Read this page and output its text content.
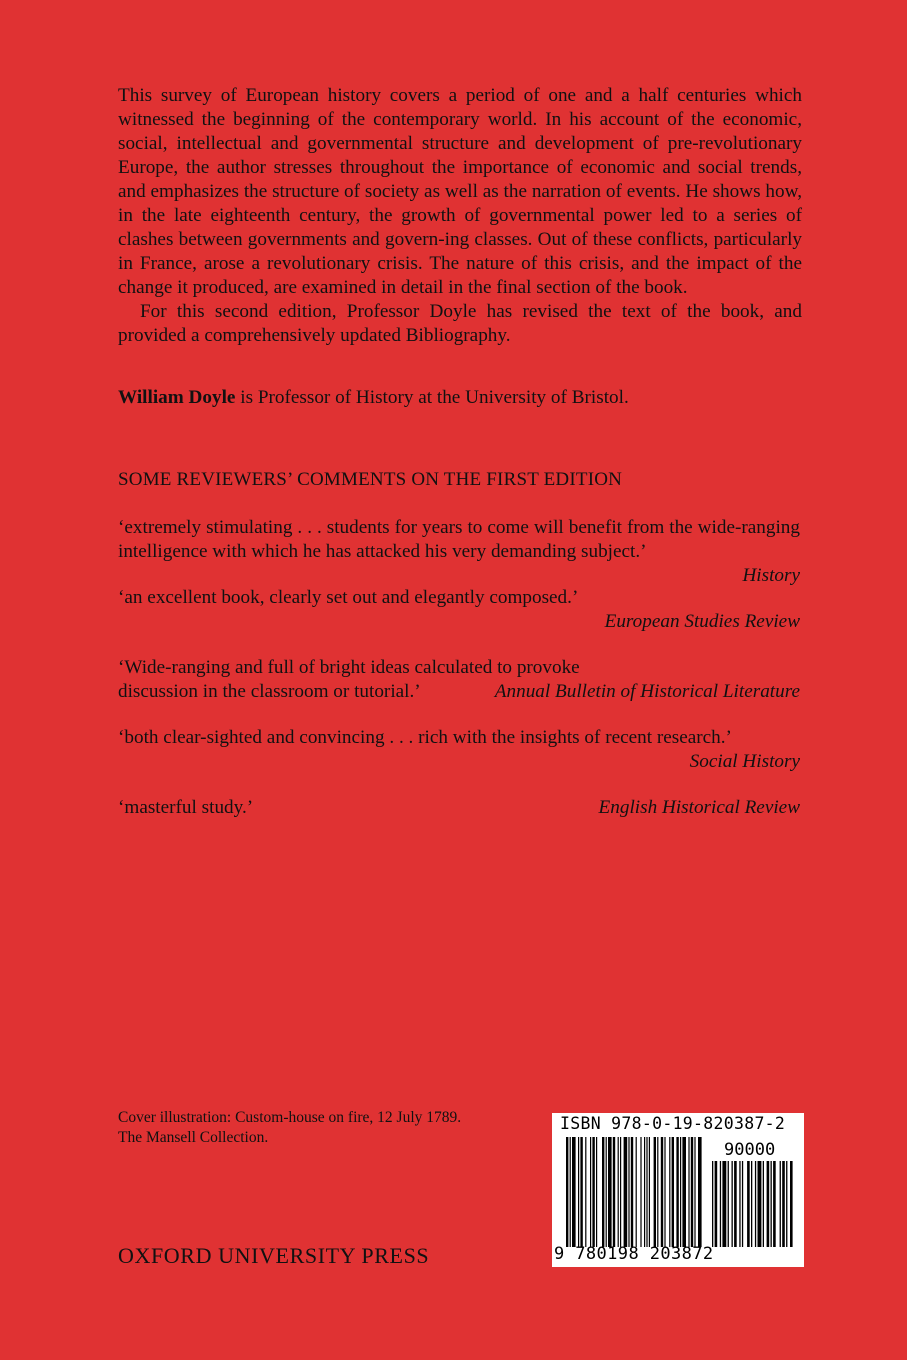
This survey of European history covers a period of one and a half centuries which witnessed the beginning of the contemporary world. In his account of the economic, social, intellectual and governmental structure and development of pre-revolutionary Europe, the author stresses throughout the importance of economic and social trends, and emphasizes the structure of society as well as the narration of events. He shows how, in the late eighteenth century, the growth of governmental power led to a series of clashes between governments and govern-ing classes. Out of these conflicts, particularly in France, arose a revolutionary crisis. The nature of this crisis, and the impact of the change it produced, are examined in detail in the final section of the book.

For this second edition, Professor Doyle has revised the text of the book, and provided a comprehensively updated Bibliography.

William Doyle is Professor of History at the University of Bristol.
SOME REVIEWERS’ COMMENTS ON THE FIRST EDITION
‘extremely stimulating . . . students for years to come will benefit from the wide-ranging intelligence with which he has attacked his very demanding subject.’
History
‘an excellent book, clearly set out and elegantly composed.’
European Studies Review
‘Wide-ranging and full of bright ideas calculated to provoke discussion in the classroom or tutorial.’	Annual Bulletin of Historical Literature
‘both clear-sighted and convincing . . . rich with the insights of recent research.’
Social History
‘masterful study.’	English Historical Review
Cover illustration: Custom-house on fire, 12 July 1789.
The Mansell Collection.
OXFORD UNIVERSITY PRESS
ISBN 978-0-19-820387-2
90000
9 780198 203872
